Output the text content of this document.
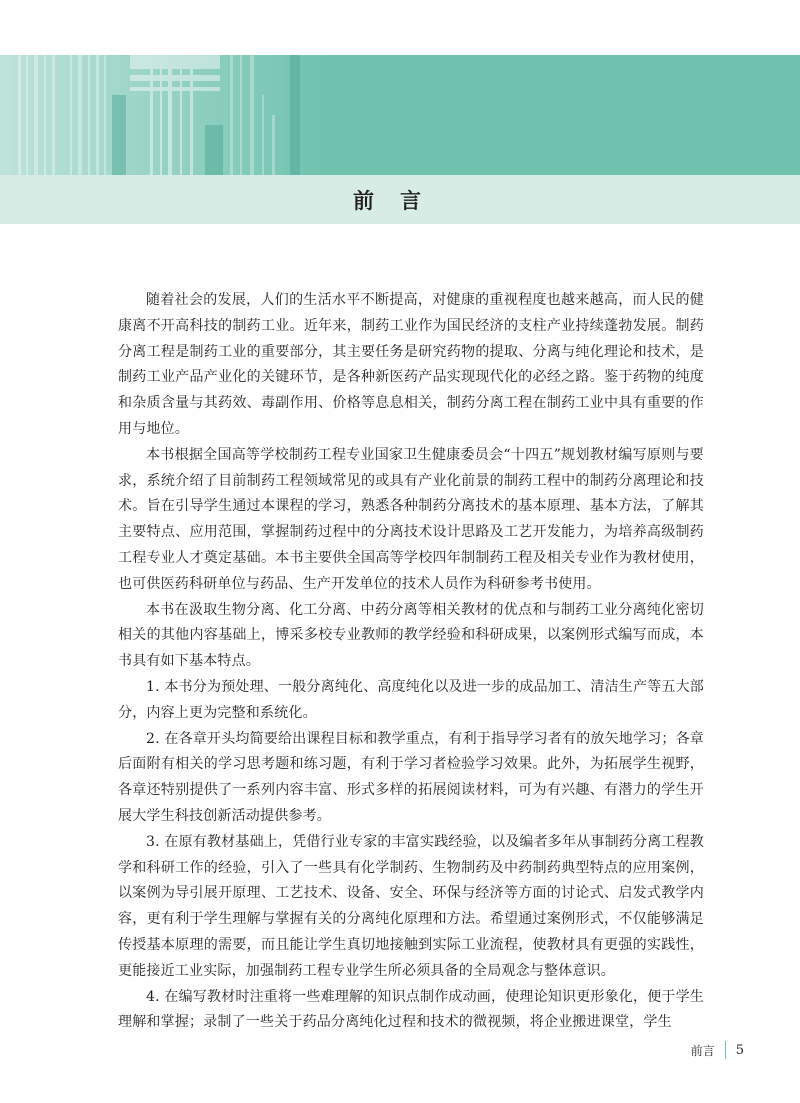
前言

随着社会的发展，人们的生活水平不断提高，对健康的重视程度也越来越高，而人民的健康离不开高科技的制药工业。近年来，制药工业作为国民经济的支柱产业持续蓬勃发展。制药分离工程是制药工业的重要部分，其主要任务是研究药物的提取、分离与纯化理论和技术，是制药工业产品产业化的关键环节，是各种新医药产品实现现代化的必经之路。鉴于药物的纯度和杂质含量与其药效、毒副作用、价格等息息相关，制药分离工程在制药工业中具有重要的作用与地位。

本书根据全国高等学校制药工程专业国家卫生健康委员会“十四五”规划教材编写原则与要求，系统介绍了目前制药工程领域常见的或具有产业化前景的制药工程中的制药分离理论和技术。旨在引导学生通过本课程的学习，熟悉各种制药分离技术的基本原理、基本方法，了解其主要特点、应用范围，掌握制药过程中的分离技术设计思路及工艺开发能力，为培养高级制药工程专业人才奠定基础。本书主要供全国高等学校四年制制药工程及相关专业作为教材使用，也可供医药科研单位与药品、生产开发单位的技术人员作为科研参考书使用。

本书在汲取生物分离、化工分离、中药分离等相关教材的优点和与制药工业分离纯化密切相关的其他内容基础上，博采多校专业教师的教学经验和科研成果，以案例形式编写而成，本书具有如下基本特点。

1. 本书分为预处理、一般分离纯化、高度纯化以及进一步的成品加工、清洁生产等五大部分，内容上更为完整和系统化。

2. 在各章开头均简要给出课程目标和教学重点，有利于指导学习者有的放矢地学习；各章后面附有相关的学习思考题和练习题，有利于学习者检验学习效果。此外，为拓展学生视野，各章还特别提供了一系列内容丰富、形式多样的拓展阅读材料，可为有兴趣、有潜力的学生开展大学生科技创新活动提供参考。

3. 在原有教材基础上，凭借行业专家的丰富实践经验，以及编者多年从事制药分离工程教学和科研工作的经验，引入了一些具有化学制药、生物制药及中药制药典型特点的应用案例，以案例为导引展开原理、工艺技术、设备、安全、环保与经济等方面的讨论式、启发式教学内容，更有利于学生理解与掌握有关的分离纯化原理和方法。希望通过案例形式，不仅能够满足传授基本原理的需要，而且能让学生真切地接触到实际工业流程，使教材具有更强的实践性，更能接近工业实际，加强制药工程专业学生所必须具备的全局观念与整体意识。

4. 在编写教材时注重将一些难理解的知识点制作成动画，使理论知识更形象化，便于学生理解和掌握；录制了一些关于药品分离纯化过程和技术的微视频，将企业搬进课堂，学生

前言 5
